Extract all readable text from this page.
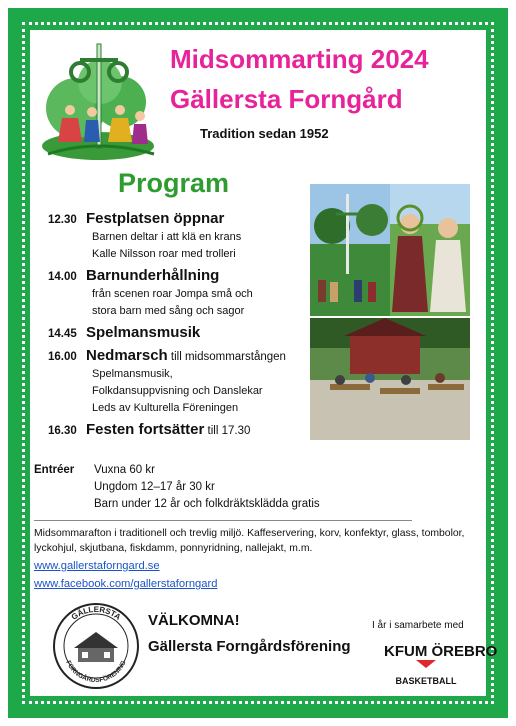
Midsommarting 2024
Gällersta Forngård
Tradition sedan 1952
Program
12.30 Festplatsen öppnar
Barnen deltar i att klä en krans
Kalle Nilsson roar med trolleri
14.00 Barnunderhållning
från scenen roar Jompa små och
stora barn med sång och sagor
14.45 Spelmansmusik
16.00 Nedmarsch till midsommarstången
Spelmansmusik,
Folkdansuppvisning och Danslekar
Leds av Kulturella Föreningen
16.30 Festen fortsätter till 17.30
Entréer Vuxna 60 kr
Ungdom 12–17 år 30 kr
Barn under 12 år och folkdräktsklädda gratis
Midsommarafton i traditionell och trevlig miljö. Kaffeservering, korv, konfektyr, glass, tombolor, lyckohjul, skjutbana, fiskdamm, ponnyridning, nallejakt, m.m.
www.gallerstaforngard.se
www.facebook.com/gallerstaforngard
GÄLLERSTA
FORNGÅRDSFÖRENING
VÄLKOMNA!
Gällersta Forngårdsförening
I år i samarbete med
KFUM ÖREBRO
BASKETBALL
